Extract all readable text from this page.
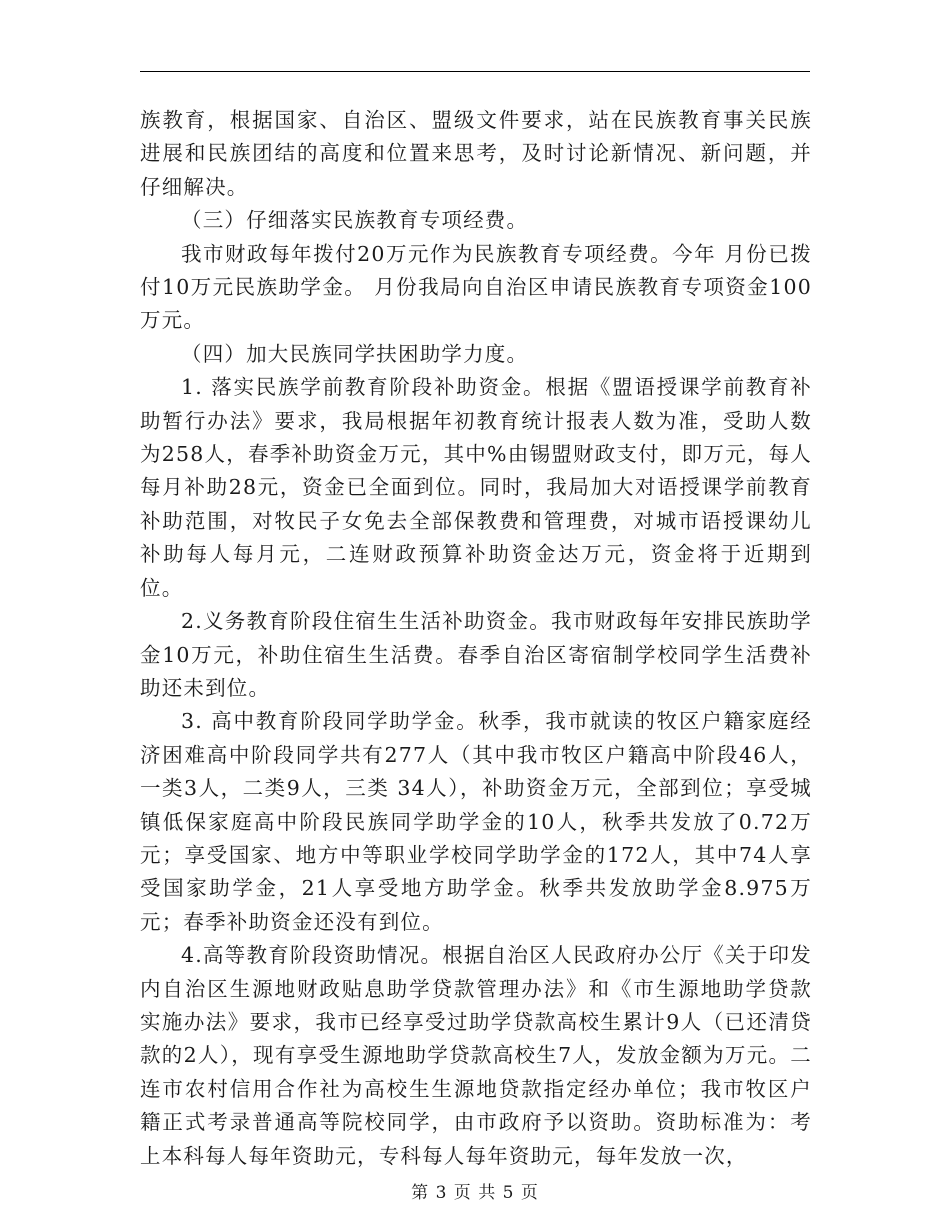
族教育，根据国家、自治区、盟级文件要求，站在民族教育事关民族进展和民族团结的高度和位置来思考，及时讨论新情况、新问题，并仔细解决。

（三）仔细落实民族教育专项经费。

我市财政每年拨付20万元作为民族教育专项经费。今年 月份已拨付10万元民族助学金。 月份我局向自治区申请民族教育专项资金100万元。

（四）加大民族同学扶困助学力度。

1. 落实民族学前教育阶段补助资金。根据《盟语授课学前教育补助暂行办法》要求，我局根据年初教育统计报表人数为准，受助人数为258人，春季补助资金万元，其中%由锡盟财政支付，即万元，每人每月补助28元，资金已全面到位。同时，我局加大对语授课学前教育补助范围，对牧民子女免去全部保教费和管理费，对城市语授课幼儿补助每人每月元，二连财政预算补助资金达万元，资金将于近期到位。

2.义务教育阶段住宿生生活补助资金。我市财政每年安排民族助学金10万元，补助住宿生生活费。春季自治区寄宿制学校同学生活费补助还未到位。

3. 高中教育阶段同学助学金。秋季，我市就读的牧区户籍家庭经济困难高中阶段同学共有277人（其中我市牧区户籍高中阶段46人，一类3人，二类9人，三类 34人），补助资金万元，全部到位；享受城镇低保家庭高中阶段民族同学助学金的10人，秋季共发放了0.72万元；享受国家、地方中等职业学校同学助学金的172人，其中74人享受国家助学金，21人享受地方助学金。秋季共发放助学金8.975万元；春季补助资金还没有到位。

4.高等教育阶段资助情况。根据自治区人民政府办公厅《关于印发内自治区生源地财政贴息助学贷款管理办法》和《市生源地助学贷款实施办法》要求，我市已经享受过助学贷款高校生累计9人（已还清贷款的2人），现有享受生源地助学贷款高校生7人，发放金额为万元。二连市农村信用合作社为高校生生源地贷款指定经办单位；我市牧区户籍正式考录普通高等院校同学，由市政府予以资助。资助标准为：考上本科每人每年资助元，专科每人每年资助元，每年发放一次，

第 3 页 共 5 页
